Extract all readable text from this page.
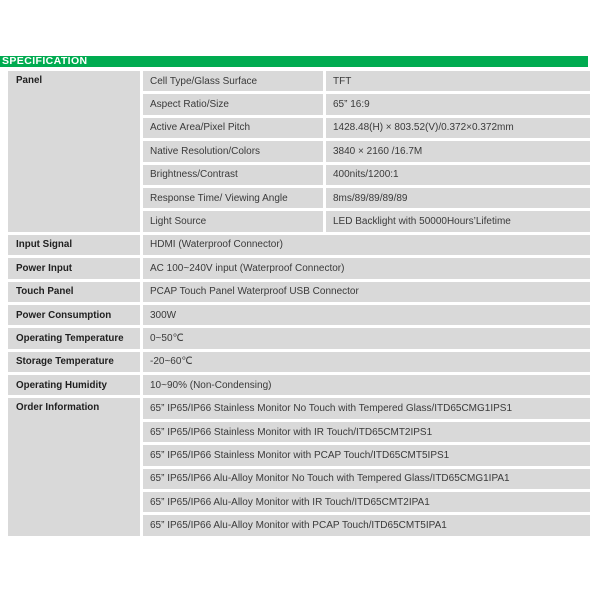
SPECIFICATION
Panel	Cell Type/Glass Surface	TFT
	Aspect Ratio/Size	65” 16:9
	Active Area/Pixel Pitch	1428.48(H) × 803.52(V)/0.372×0.372mm
	Native Resolution/Colors	3840 × 2160 /16.7M
	Brightness/Contrast	400nits/1200:1
	Response Time/ Viewing Angle	8ms/89/89/89/89
	Light Source	LED Backlight with 50000Hours’Lifetime
Input Signal	HDMI (Waterproof Connector)	
Power Input	AC 100~240V input (Waterproof Connector)	
Touch Panel	PCAP Touch Panel Waterproof USB Connector	
Power Consumption	300W	
Operating Temperature	0~50℃	
Storage Temperature	-20~60℃	
Operating Humidity	10~90% (Non-Condensing)	
Order Information	65” IP65/IP66 Stainless Monitor No Touch with Tempered Glass/ITD65CMG1IPS1	
	65” IP65/IP66 Stainless Monitor with IR Touch/ITD65CMT2IPS1	
	65” IP65/IP66 Stainless Monitor with PCAP Touch/ITD65CMT5IPS1	
	65” IP65/IP66 Alu-Alloy Monitor No Touch with Tempered Glass/ITD65CMG1IPA1	
	65” IP65/IP66 Alu-Alloy Monitor with IR Touch/ITD65CMT2IPA1	
	65” IP65/IP66 Alu-Alloy Monitor with PCAP Touch/ITD65CMT5IPA1	
